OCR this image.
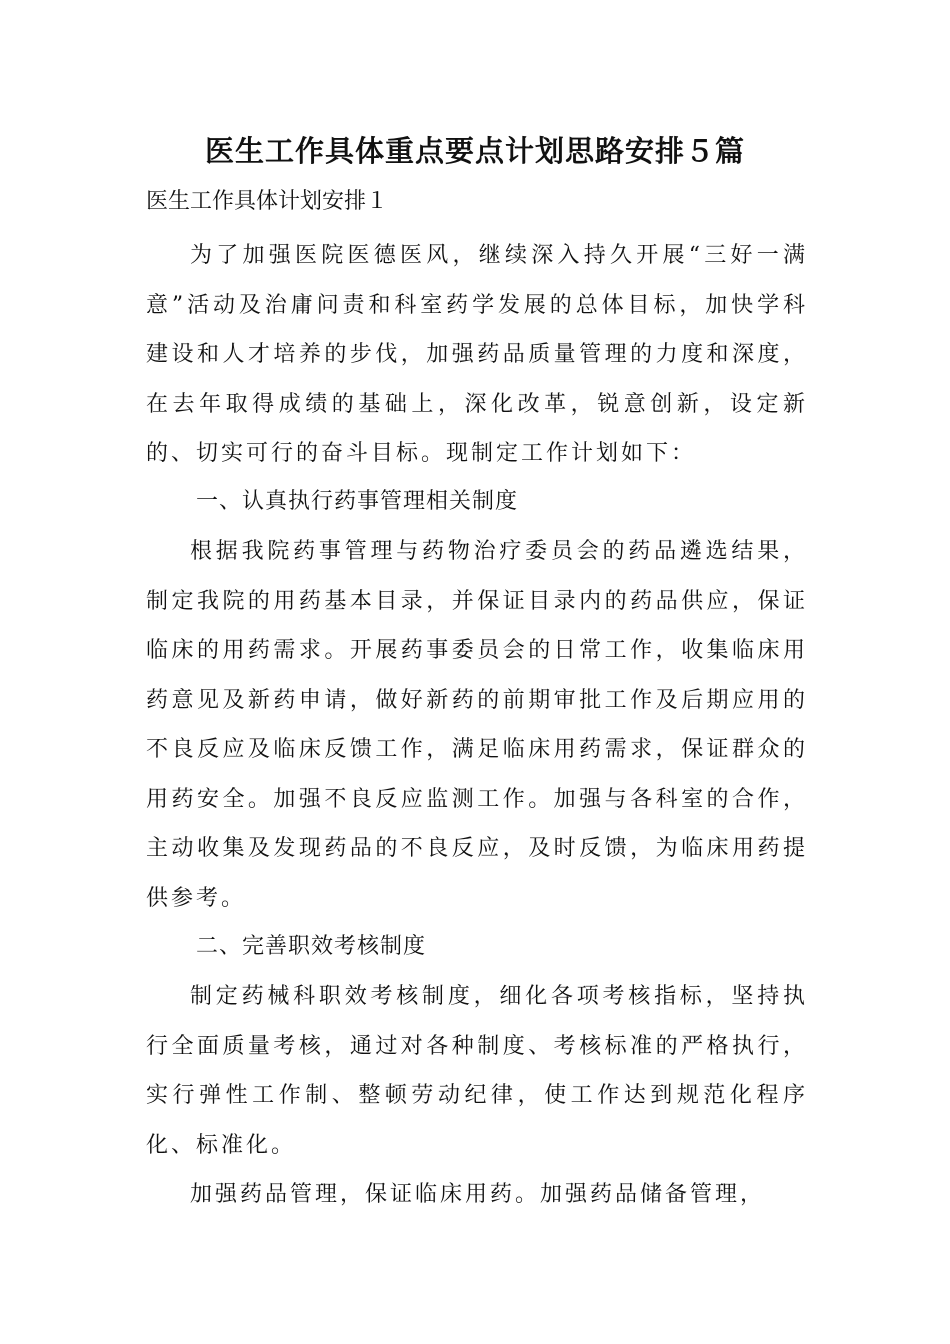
医生工作具体重点要点计划思路安排５篇

医生工作具体计划安排１

为了加强医院医德医风，继续深入持久开展“三好一满意”活动及治庸问责和科室药学发展的总体目标，加快学科建设和人才培养的步伐，加强药品质量管理的力度和深度，在去年取得成绩的基础上，深化改革，锐意创新，设定新的、切实可行的奋斗目标。现制定工作计划如下：

一、认真执行药事管理相关制度

根据我院药事管理与药物治疗委员会的药品遴选结果，制定我院的用药基本目录，并保证目录内的药品供应，保证临床的用药需求。开展药事委员会的日常工作，收集临床用药意见及新药申请，做好新药的前期审批工作及后期应用的不良反应及临床反馈工作，满足临床用药需求，保证群众的用药安全。加强不良反应监测工作。加强与各科室的合作，主动收集及发现药品的不良反应，及时反馈，为临床用药提供参考。

二、完善职效考核制度

制定药械科职效考核制度，细化各项考核指标，坚持执行全面质量考核，通过对各种制度、考核标准的严格执行，实行弹性工作制、整顿劳动纪律，使工作达到规范化程序化、标准化。

加强药品管理，保证临床用药。加强药品储备管理，
